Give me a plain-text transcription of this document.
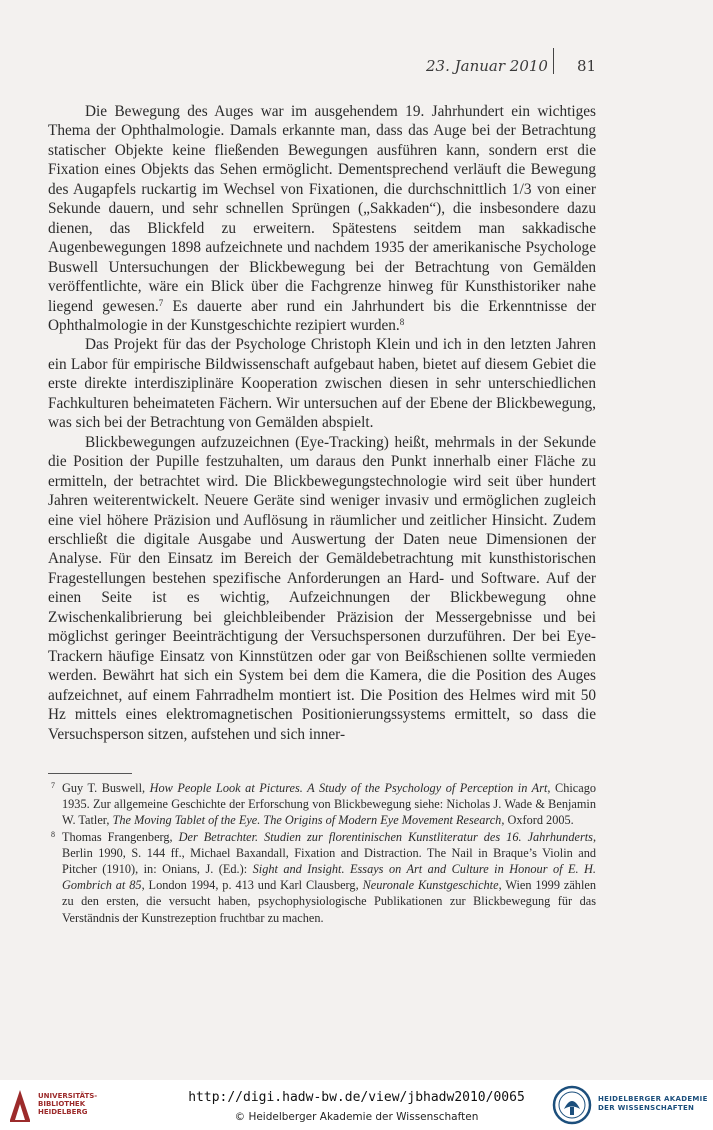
23. Januar 2010 81

Die Bewegung des Auges war im ausgehendem 19. Jahrhundert ein wichtiges Thema der Ophthalmologie. Damals erkannte man, dass das Auge bei der Betrachtung statischer Objekte keine fließenden Bewegungen ausführen kann, sondern erst die Fixation eines Objekts das Sehen ermöglicht. Dementsprechend verläuft die Bewegung des Augapfels ruckartig im Wechsel von Fixationen, die durchschnittlich 1/3 von einer Sekunde dauern, und sehr schnellen Sprüngen („Sakkaden“), die insbesondere dazu dienen, das Blickfeld zu erweitern. Spätestens seitdem man sakkadische Augenbewegungen 1898 aufzeichnete und nachdem 1935 der amerikanische Psychologe Buswell Untersuchungen der Blickbewegung bei der Betrachtung von Gemälden veröffentlichte, wäre ein Blick über die Fachgrenze hinweg für Kunsthistoriker nahe liegend gewesen.$^7$ Es dauerte aber rund ein Jahrhundert bis die Erkenntnisse der Ophthalmologie in der Kunstgeschichte rezipiert wurden.$^8$

Das Projekt für das der Psychologe Christoph Klein und ich in den letzten Jahren ein Labor für empirische Bildwissenschaft aufgebaut haben, bietet auf diesem Gebiet die erste direkte interdisziplinäre Kooperation zwischen diesen in sehr unterschiedlichen Fachkulturen beheimateten Fächern. Wir untersuchen auf der Ebene der Blickbewegung, was sich bei der Betrachtung von Gemälden abspielt.

Blickbewegungen aufzuzeichnen (Eye-Tracking) heißt, mehrmals in der Sekunde die Position der Pupille festzuhalten, um daraus den Punkt innerhalb einer Fläche zu ermitteln, der betrachtet wird. Die Blickbewegungstechnologie wird seit über hundert Jahren weiterentwickelt. Neuere Geräte sind weniger invasiv und ermöglichen zugleich eine viel höhere Präzision und Auflösung in räumlicher und zeitlicher Hinsicht. Zudem erschließt die digitale Ausgabe und Auswertung der Daten neue Dimensionen der Analyse. Für den Einsatz im Bereich der Gemäldebetrachtung mit kunsthistorischen Fragestellungen bestehen spezifische Anforderungen an Hard- und Software. Auf der einen Seite ist es wichtig, Aufzeichnungen der Blickbewegung ohne Zwischenkalibrierung bei gleichbleibender Präzision der Messergebnisse und bei möglichst geringer Beeinträchtigung der Versuchspersonen durzuführen. Der bei Eye-Trackern häufige Einsatz von Kinnstützen oder gar von Beißschienen sollte vermieden werden. Bewährt hat sich ein System bei dem die Kamera, die die Position des Auges aufzeichnet, auf einem Fahrradhelm montiert ist. Die Position des Helmes wird mit 50 Hz mittels eines elektromagnetischen Positionierungssystems ermittelt, so dass die Versuchsperson sitzen, aufstehen und sich inner-

7 Guy T. Buswell, How People Look at Pictures. A Study of the Psychology of Perception in Art, Chicago 1935. Zur allgemeine Geschichte der Erforschung von Blickbewegung siehe: Nicholas J. Wade & Benjamin W. Tatler, The Moving Tablet of the Eye. The Origins of Modern Eye Movement Research, Oxford 2005.

8 Thomas Frangenberg, Der Betrachter. Studien zur florentinischen Kunstliteratur des 16. Jahrhunderts, Berlin 1990, S. 144 ff., Michael Baxandall, Fixation and Distraction. The Nail in Braque’s Violin and Pitcher (1910), in: Onians, J. (Ed.): Sight and Insight. Essays on Art and Culture in Honour of E. H. Gombrich at 85, London 1994, p. 413 und Karl Clausberg, Neuronale Kunstgeschichte, Wien 1999 zählen zu den ersten, die versucht haben, psychophysiologische Publikationen zur Blickbewegung für das Verständnis der Kunstrezeption fruchtbar zu machen.

UNIVERSITÄTS-
BIBLIOTHEK
HEIDELBERG
http://digi.hadw-bw.de/view/jbhadw2010/0065
© Heidelberger Akademie der Wissenschaften
HEIDELBERGER AKADEMIE
DER WISSENSCHAFTEN
